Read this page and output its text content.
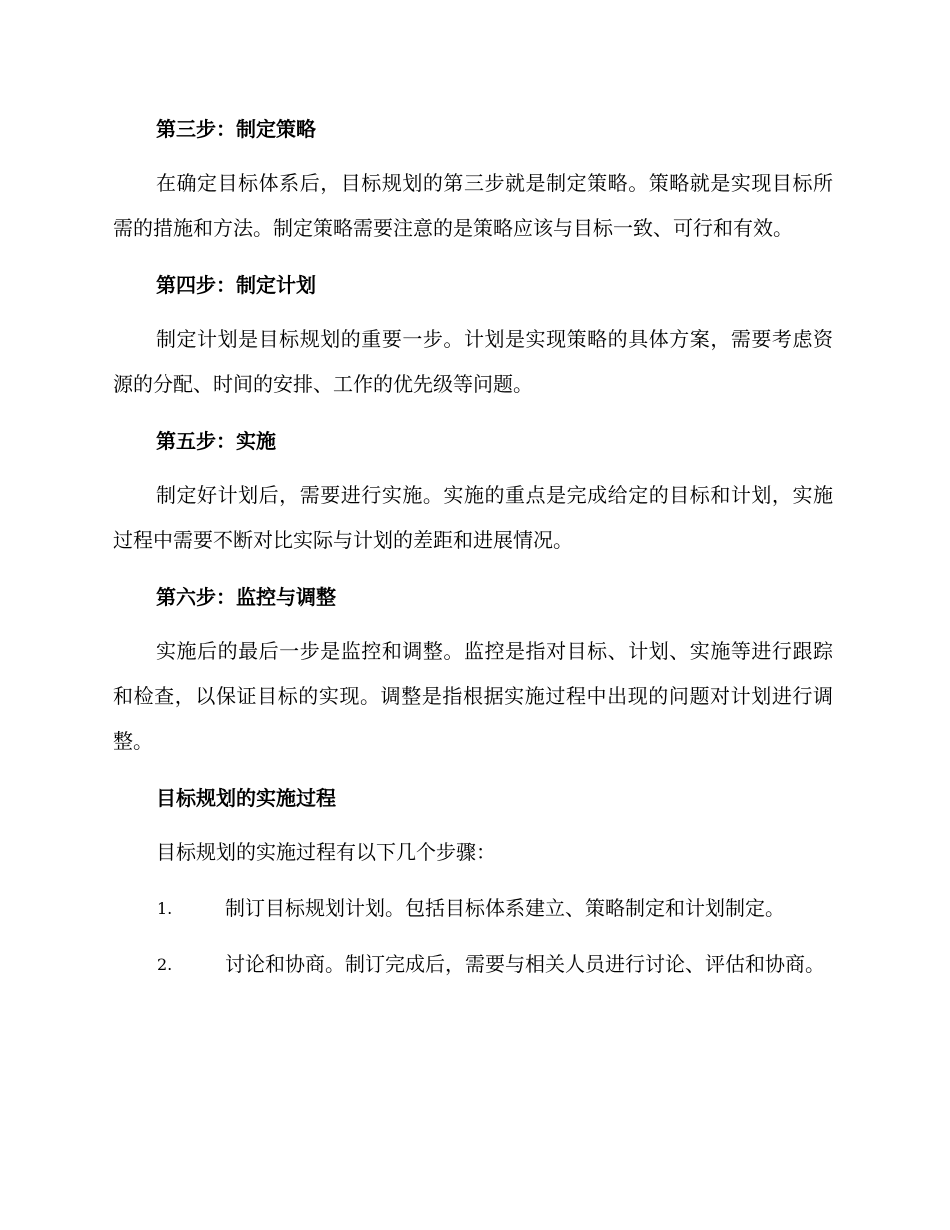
第三步：制定策略
在确定目标体系后，目标规划的第三步就是制定策略。策略就是实现目标所需的措施和方法。制定策略需要注意的是策略应该与目标一致、可行和有效。
第四步：制定计划
制定计划是目标规划的重要一步。计划是实现策略的具体方案，需要考虑资源的分配、时间的安排、工作的优先级等问题。
第五步：实施
制定好计划后，需要进行实施。实施的重点是完成给定的目标和计划，实施过程中需要不断对比实际与计划的差距和进展情况。
第六步：监控与调整
实施后的最后一步是监控和调整。监控是指对目标、计划、实施等进行跟踪和检查，以保证目标的实现。调整是指根据实施过程中出现的问题对计划进行调整。
目标规划的实施过程
目标规划的实施过程有以下几个步骤：
1.	制订目标规划计划。包括目标体系建立、策略制定和计划制定。
2.	讨论和协商。制订完成后，需要与相关人员进行讨论、评估和协商。
